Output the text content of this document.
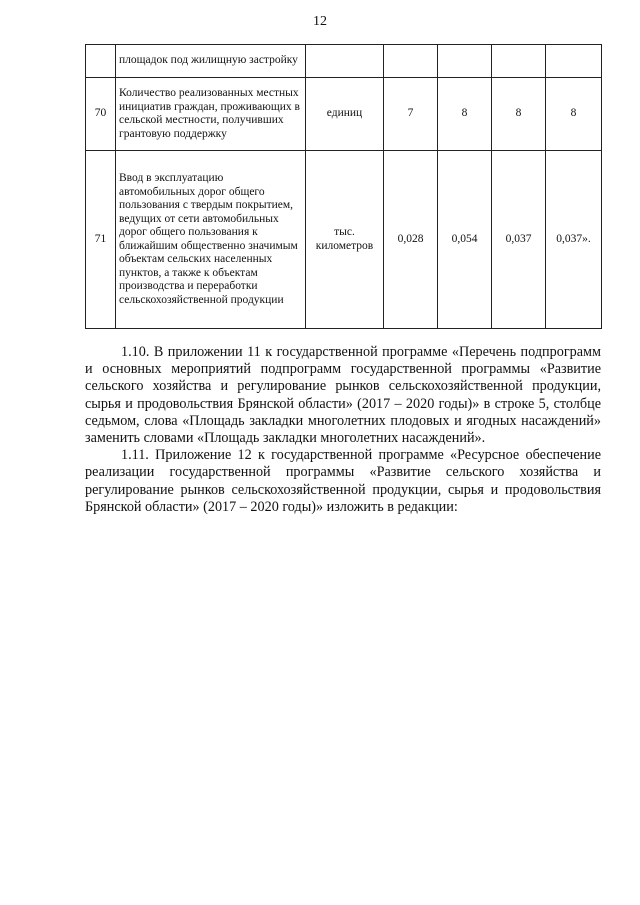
12
	площадок под жилищную застройку					
70	Количество реализованных местных инициатив граждан, проживающих в сельской местности, получивших грантовую поддержку	единиц	7	8	8	8
71	Ввод в эксплуатацию автомобильных дорог общего пользования с твердым покрытием, ведущих от сети автомобильных дорог общего пользования к ближайшим общественно значимым объектам сельских населенных пунктов, а также к объектам производства и переработки сельскохозяйственной продукции	тыс. километров	0,028	0,054	0,037	0,037».

1.10. В приложении 11 к государственной программе «Перечень подпрограмм и основных мероприятий подпрограмм государственной программы «Развитие сельского хозяйства и регулирование рынков сельскохозяйственной продукции, сырья и продовольствия Брянской области» (2017 – 2020 годы)» в строке 5, столбце седьмом, слова «Площадь закладки многолетних плодовых и ягодных насаждений» заменить словами «Площадь закладки многолетних насаждений».

1.11. Приложение 12 к государственной программе «Ресурсное обеспечение реализации государственной программы «Развитие сельского хозяйства и регулирование рынков сельскохозяйственной продукции, сырья и продовольствия Брянской области» (2017 – 2020 годы)» изложить в редакции:
